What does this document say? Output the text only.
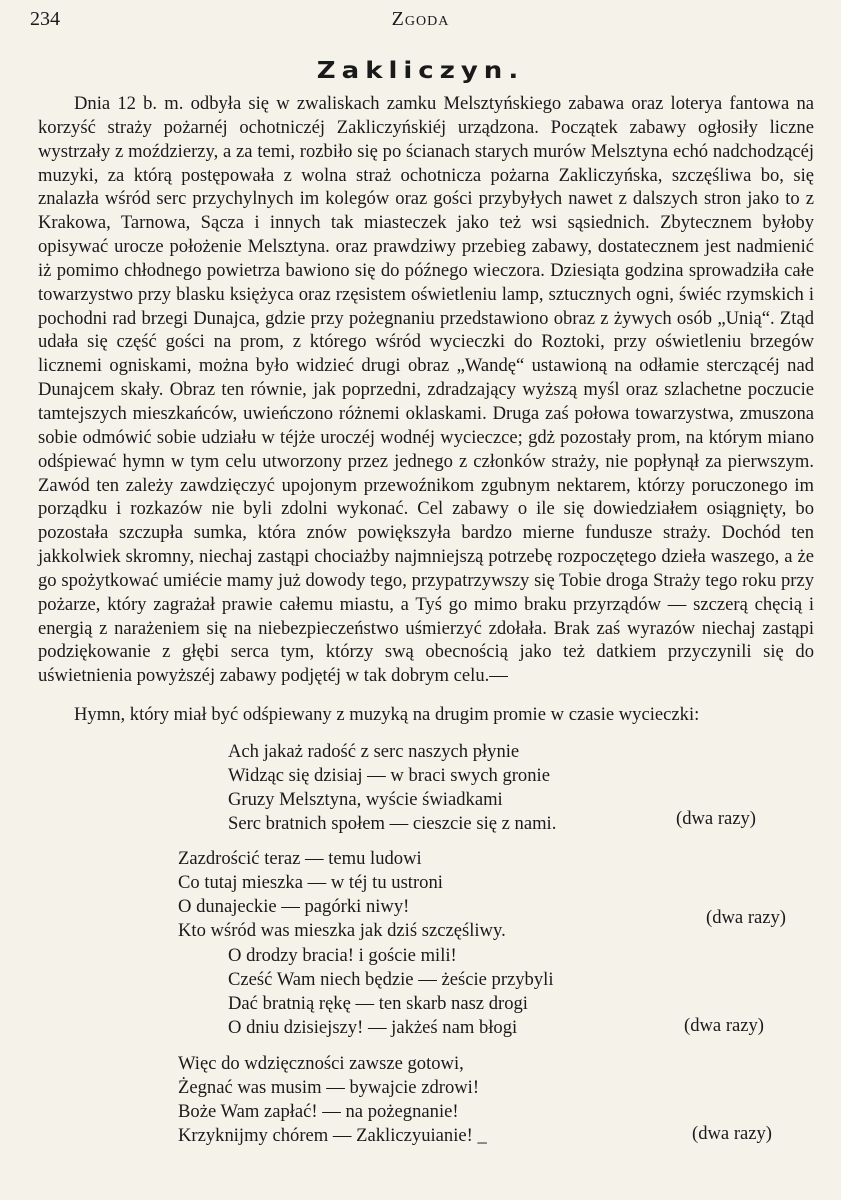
234	Zgoda
Zakliczyn.

Dnia 12 b. m. odbyła się w zwaliskach zamku Melsztyńskiego zabawa oraz loterya fantowa na korzyść straży pożarnéj ochotniczéj Zakliczyńskiéj urządzona. Początek zabawy ogłosiły liczne wystrzały z moździerzy, a za temi, rozbiło się po ścianach starych murów Melsztyna echó nadchodzącéj muzyki, za którą postępowała z wolna straż ochotnicza pożarna Zakliczyńska, szczęśliwa bo, się znalazła wśród serc przychylnych im kolegów oraz gości przybyłych nawet z dalszych stron jako to z Krakowa, Tarnowa, Sącza i innych tak miasteczek jako też wsi sąsiednich. Zbytecznem byłoby opisywać urocze położenie Melsztyna. oraz prawdziwy przebieg zabawy, dostatecznem jest nadmienić iż pomimo chłodnego powietrza bawiono się do późnego wieczora. Dziesiąta godzina sprowadziła całe towarzystwo przy blasku księżyca oraz rzęsistem oświetleniu lamp, sztucznych ogni, świéc rzymskich i pochodni rad brzegi Dunajca, gdzie przy pożegnaniu przedstawiono obraz z żywych osób „Unią“. Ztąd udała się część gości na prom, z którego wśród wycieczki do Roztoki, przy oświetleniu brzegów licznemi ogniskami, można było widzieć drugi obraz „Wandę“ ustawioną na odłamie sterczącéj nad Dunajcem skały. Obraz ten równie, jak poprzedni, zdradzający wyższą myśl oraz szlachetne poczucie tamtejszych mieszkańców, uwieńczono różnemi oklaskami. Druga zaś połowa towarzystwa, zmuszona sobie odmówić sobie udziału w téjże uroczéj wodnéj wycieczce; gdż pozostały prom, na którym miano odśpiewać hymn w tym celu utworzony przez jednego z członków straży, nie popłynął za pierwszym. Zawód ten zależy zawdzięczyć upojonym przewoźnikom zgubnym nektarem, którzy poruczonego im porządku i rozkazów nie byli zdolni wykonać. Cel zabawy o ile się dowiedziałem osiągnięty, bo pozostała szczupła sumka, która znów powiększyła bardzo mierne fundusze straży. Dochód ten jakkolwiek skromny, niechaj zastąpi chociażby najmniejszą potrzebę rozpoczętego dzieła waszego, a że go spożytkować umiécie mamy już dowody tego, przypatrzywszy się Tobie droga Straży tego roku przy pożarze, który zagrażał prawie całemu miastu, a Tyś go mimo braku przyrządów — szczerą chęcią i energią z narażeniem się na niebezpieczeństwo uśmierzyć zdołała. Brak zaś wyrazów niechaj zastąpi podziękowanie z głębi serca tym, którzy swą obecnością jako też datkiem przyczynili się do uświetnienia powyższéj zabawy podjętéj w tak dobrym celu.—

Hymn, który miał być odśpiewany z muzyką na drugim promie w czasie wycieczki:

Ach jakaż radość z serc naszych płynie
Widząc się dzisiaj — w braci swych gronie
Gruzy Melsztyna, wyście świadkami
Serc bratnich społem — cieszcie się z nami.	(dwa razy)
Zazdrościć teraz — temu ludowi
Co tutaj mieszka — w téj tu ustroni
O dunajeckie — pagórki niwy!
Kto wśród was mieszka jak dziś szczęśliwy.
(dwa razy)
O drodzy bracia! i goście mili!
Cześć Wam niech będzie — żeście przybyli
Dać bratnią rękę — ten skarb nasz drogi
O dniu dzisiejszy! — jakżeś nam błogi	(dwa razy)
Więc do wdzięczności zawsze gotowi,
Żegnać was musim — bywajcie zdrowi!
Boże Wam zapłać! — na pożegnanie!
Krzyknijmy chórem — Zakliczyuianie! _	(dwa razy)
